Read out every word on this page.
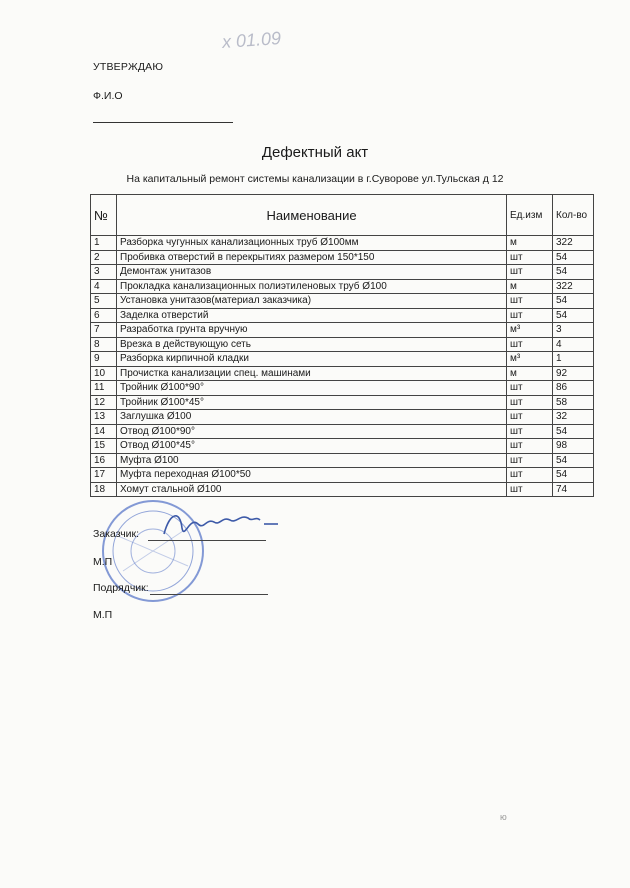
x 01.09
УТВЕРЖДАЮ
Ф.И.О
Дефектный акт
На капитальный ремонт системы канализации в г.Суворове ул.Тульская д 12
№	Наименование	Ед.изм	Кол-во
1	Разборка чугунных канализационных труб Ø100мм	м	322
2	Пробивка отверстий в перекрытиях размером 150*150	шт	54
3	Демонтаж унитазов	шт	54
4	Прокладка канализационных полиэтиленовых труб Ø100	м	322
5	Установка унитазов(материал заказчика)	шт	54
6	Заделка отверстий	шт	54
7	Разработка грунта вручную	м³	3
8	Врезка в действующую сеть	шт	4
9	Разборка кирпичной кладки	м³	1
10	Прочистка канализации спец. машинами	м	92
11	Тройник Ø100*90°	шт	86
12	Тройник Ø100*45°	шт	58
13	Заглушка Ø100	шт	32
14	Отвод Ø100*90°	шт	54
15	Отвод Ø100*45°	шт	98
16	Муфта Ø100	шт	54
17	Муфта переходная Ø100*50	шт	54
18	Хомут стальной Ø100	шт	74
Заказчик:
М.П
Подрядчик:
М.П
ю
